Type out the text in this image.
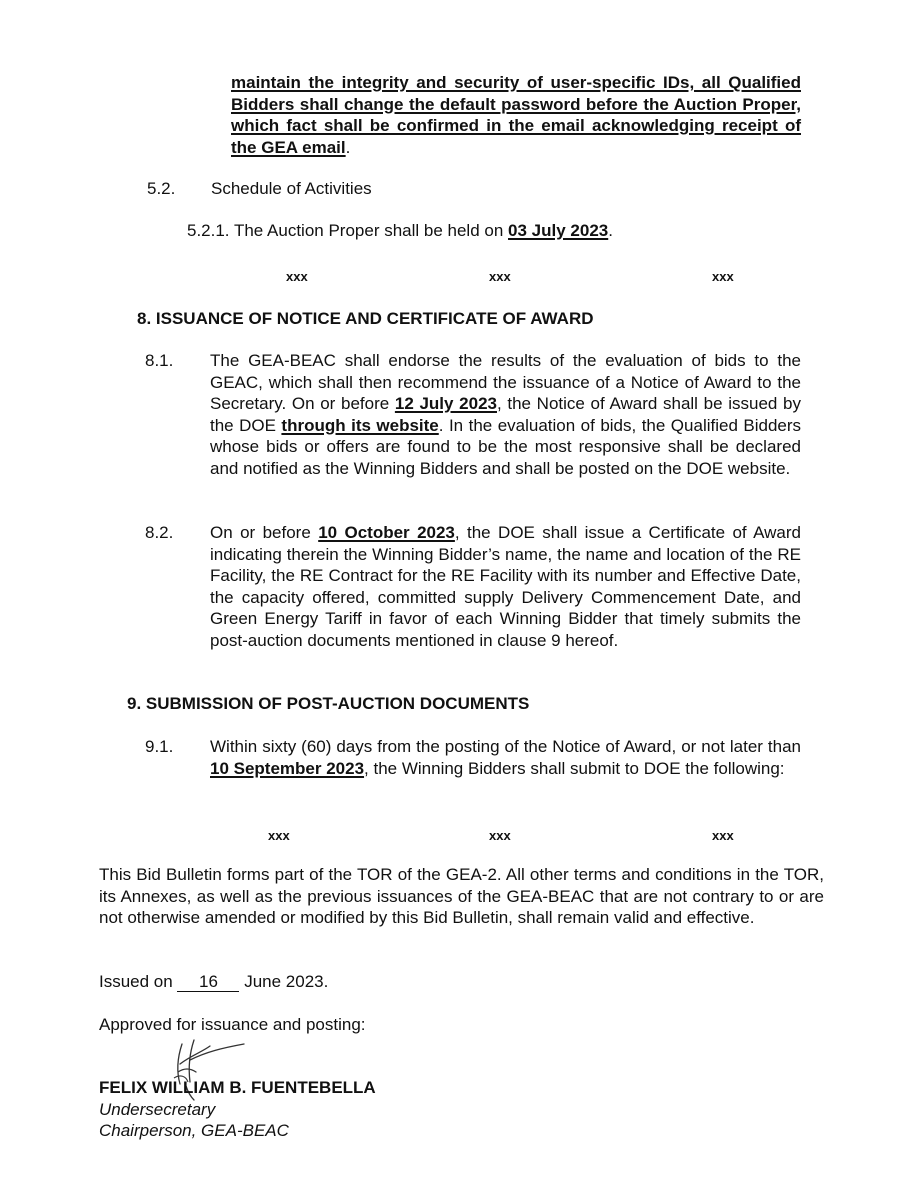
maintain the integrity and security of user-specific IDs, all Qualified Bidders shall change the default password before the Auction Proper, which fact shall be confirmed in the email acknowledging receipt of the GEA email.
5.2. Schedule of Activities
5.2.1. The Auction Proper shall be held on 03 July 2023.
xxx	xxx	xxx
8. ISSUANCE OF NOTICE AND CERTIFICATE OF AWARD
8.1. The GEA-BEAC shall endorse the results of the evaluation of bids to the GEAC, which shall then recommend the issuance of a Notice of Award to the Secretary. On or before 12 July 2023, the Notice of Award shall be issued by the DOE through its website. In the evaluation of bids, the Qualified Bidders whose bids or offers are found to be the most responsive shall be declared and notified as the Winning Bidders and shall be posted on the DOE website.
8.2. On or before 10 October 2023, the DOE shall issue a Certificate of Award indicating therein the Winning Bidder’s name, the name and location of the RE Facility, the RE Contract for the RE Facility with its number and Effective Date, the capacity offered, committed supply Delivery Commencement Date, and Green Energy Tariff in favor of each Winning Bidder that timely submits the post-auction documents mentioned in clause 9 hereof.
9. SUBMISSION OF POST-AUCTION DOCUMENTS
9.1. Within sixty (60) days from the posting of the Notice of Award, or not later than 10 September 2023, the Winning Bidders shall submit to DOE the following:
xxx	xxx	xxx
This Bid Bulletin forms part of the TOR of the GEA-2. All other terms and conditions in the TOR, its Annexes, as well as the previous issuances of the GEA-BEAC that are not contrary to or are not otherwise amended or modified by this Bid Bulletin, shall remain valid and effective.
Issued on 16 June 2023.
Approved for issuance and posting:
FELIX WILLIAM B. FUENTEBELLA
Undersecretary
Chairperson, GEA-BEAC
